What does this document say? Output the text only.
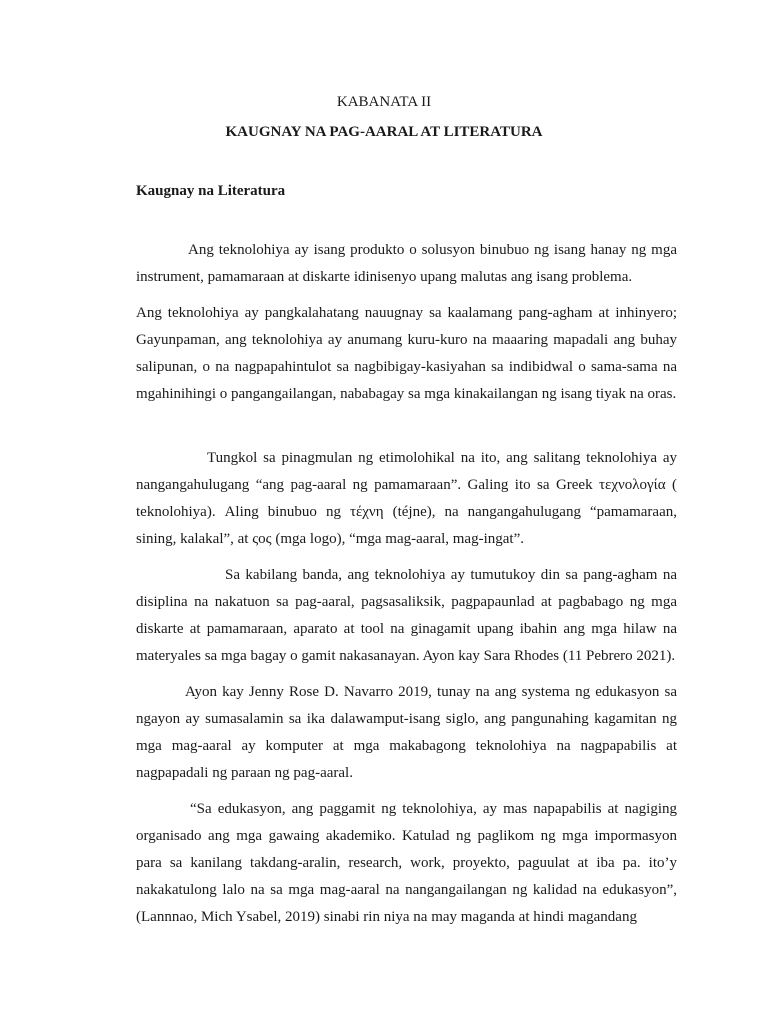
KABANATA II

KAUGNAY NA PAG-AARAL AT LITERATURA

Kaugnay na Literatura

Ang teknolohiya ay isang produkto o solusyon binubuo ng isang hanay ng mga instrument, pamamaraan at diskarte idinisenyo upang malutas ang isang problema.

Ang teknolohiya ay pangkalahatang nauugnay sa kaalamang pang-agham at inhinyero; Gayunpaman, ang teknolohiya ay anumang kuru-kuro na maaaring mapadali ang buhay salipunan, o na nagpapahintulot sa nagbibigay-kasiyahan sa indibidwal o sama-sama na mgahinihingi o pangangailangan, nababagay sa mga kinakailangan ng isang tiyak na oras.

Tungkol sa pinagmulan ng etimolohikal na ito, ang salitang teknolohiya ay nangangahulugang “ang pag-aaral ng pamamaraan”. Galing ito sa Greek τεχνολογία ( teknolohiya). Aling binubuo ng τέχνη (téjne), na nangangahulugang “pamamaraan, sining, kalakal”, at ςος (mga logo), “mga mag-aaral, mag-ingat”.

Sa kabilang banda, ang teknolohiya ay tumutukoy din sa pang-agham na disiplina na nakatuon sa pag-aaral, pagsasaliksik, pagpapaunlad at pagbabago ng mga diskarte at pamamaraan, aparato at tool na ginagamit upang ibahin ang mga hilaw na materyales sa mga bagay o gamit nakasanayan. Ayon kay Sara Rhodes (11 Pebrero 2021).

Ayon kay Jenny Rose D. Navarro 2019, tunay na ang systema ng edukasyon sa ngayon ay sumasalamin sa ika dalawamput-isang siglo, ang pangunahing kagamitan ng mga mag-aaral ay komputer at mga makabagong teknolohiya na nagpapabilis at nagpapadali ng paraan ng pag-aaral.

“Sa edukasyon, ang paggamit ng teknolohiya, ay mas napapabilis at nagiging organisado ang mga gawaing akademiko. Katulad ng paglikom ng mga impormasyon para sa kanilang takdang-aralin, research, work, proyekto, paguulat at iba pa. ito’y nakakatulong lalo na sa mga mag-aaral na nangangailangan ng kalidad na edukasyon”, (Lannnao, Mich Ysabel, 2019) sinabi rin niya na may maganda at hindi magandang
